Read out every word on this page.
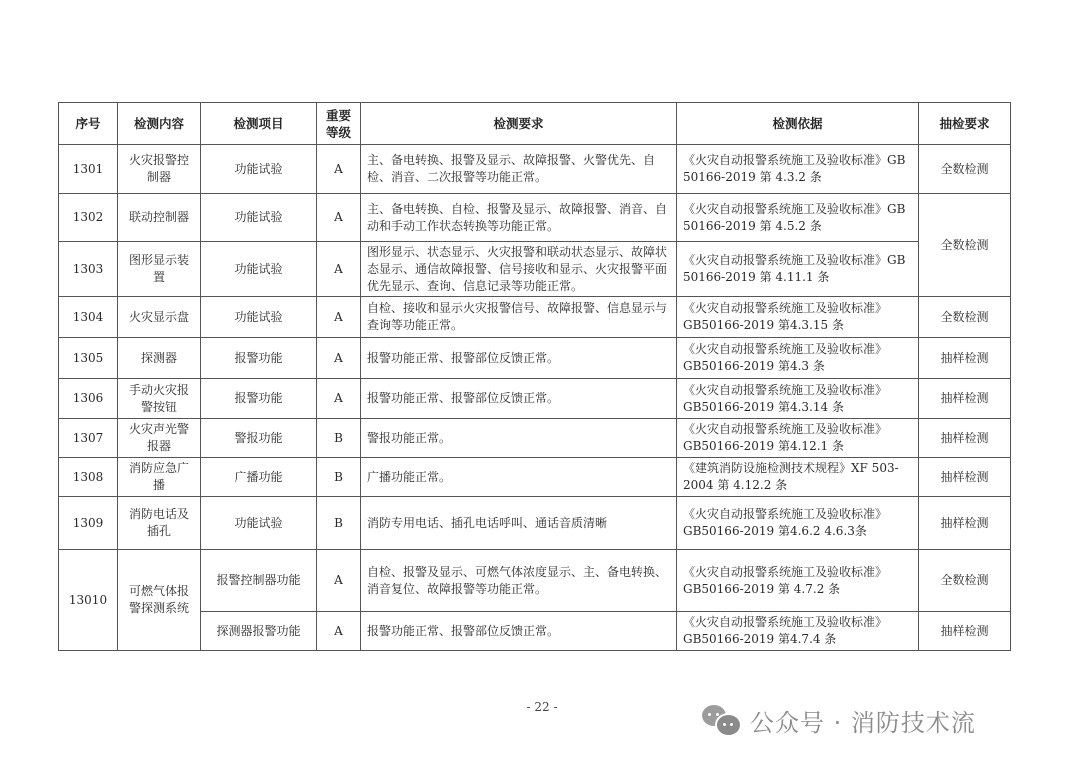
序号	检测内容	检测项目	重要等级	检测要求	检测依据	抽检要求
1301	火灾报警控制器	功能试验	A	主、备电转换、报警及显示、故障报警、火警优先、自检、消音、二次报警等功能正常。	《火灾自动报警系统施工及验收标准》GB 50166-2019 第 4.3.2 条	全数检测
1302	联动控制器	功能试验	A	主、备电转换、自检、报警及显示、故障报警、消音、自动和手动工作状态转换等功能正常。	《火灾自动报警系统施工及验收标准》GB 50166-2019 第 4.5.2 条	全数检测
1303	图形显示装置	功能试验	A	图形显示、状态显示、火灾报警和联动状态显示、故障状态显示、通信故障报警、信号接收和显示、火灾报警平面优先显示、查询、信息记录等功能正常。	《火灾自动报警系统施工及验收标准》GB 50166-2019 第 4.11.1 条	
1304	火灾显示盘	功能试验	A	自检、接收和显示火灾报警信号、故障报警、信息显示与查询等功能正常。	《火灾自动报警系统施工及验收标准》GB50166-2019 第4.3.15 条	全数检测
1305	探测器	报警功能	A	报警功能正常、报警部位反馈正常。	《火灾自动报警系统施工及验收标准》GB50166-2019 第4.3 条	抽样检测
1306	手动火灾报警按钮	报警功能	A	报警功能正常、报警部位反馈正常。	《火灾自动报警系统施工及验收标准》GB50166-2019 第4.3.14 条	抽样检测
1307	火灾声光警报器	警报功能	B	警报功能正常。	《火灾自动报警系统施工及验收标准》GB50166-2019 第4.12.1 条	抽样检测
1308	消防应急广播	广播功能	B	广播功能正常。	《建筑消防设施检测技术规程》XF 503-2004 第 4.12.2 条	抽样检测
1309	消防电话及插孔	功能试验	B	消防专用电话、插孔电话呼叫、通话音质清晰	《火灾自动报警系统施工及验收标准》GB50166-2019 第4.6.2 4.6.3条	抽样检测
13010	可燃气体报警探测系统	报警控制器功能	A	自检、报警及显示、可燃气体浓度显示、主、备电转换、消音复位、故障报警等功能正常。	《火灾自动报警系统施工及验收标准》GB50166-2019 第 4.7.2 条	全数检测
		探测器报警功能	A	报警功能正常、报警部位反馈正常。	《火灾自动报警系统施工及验收标准》GB50166-2019 第4.7.4 条	抽样检测
- 22 -
公众号 · 消防技术流
